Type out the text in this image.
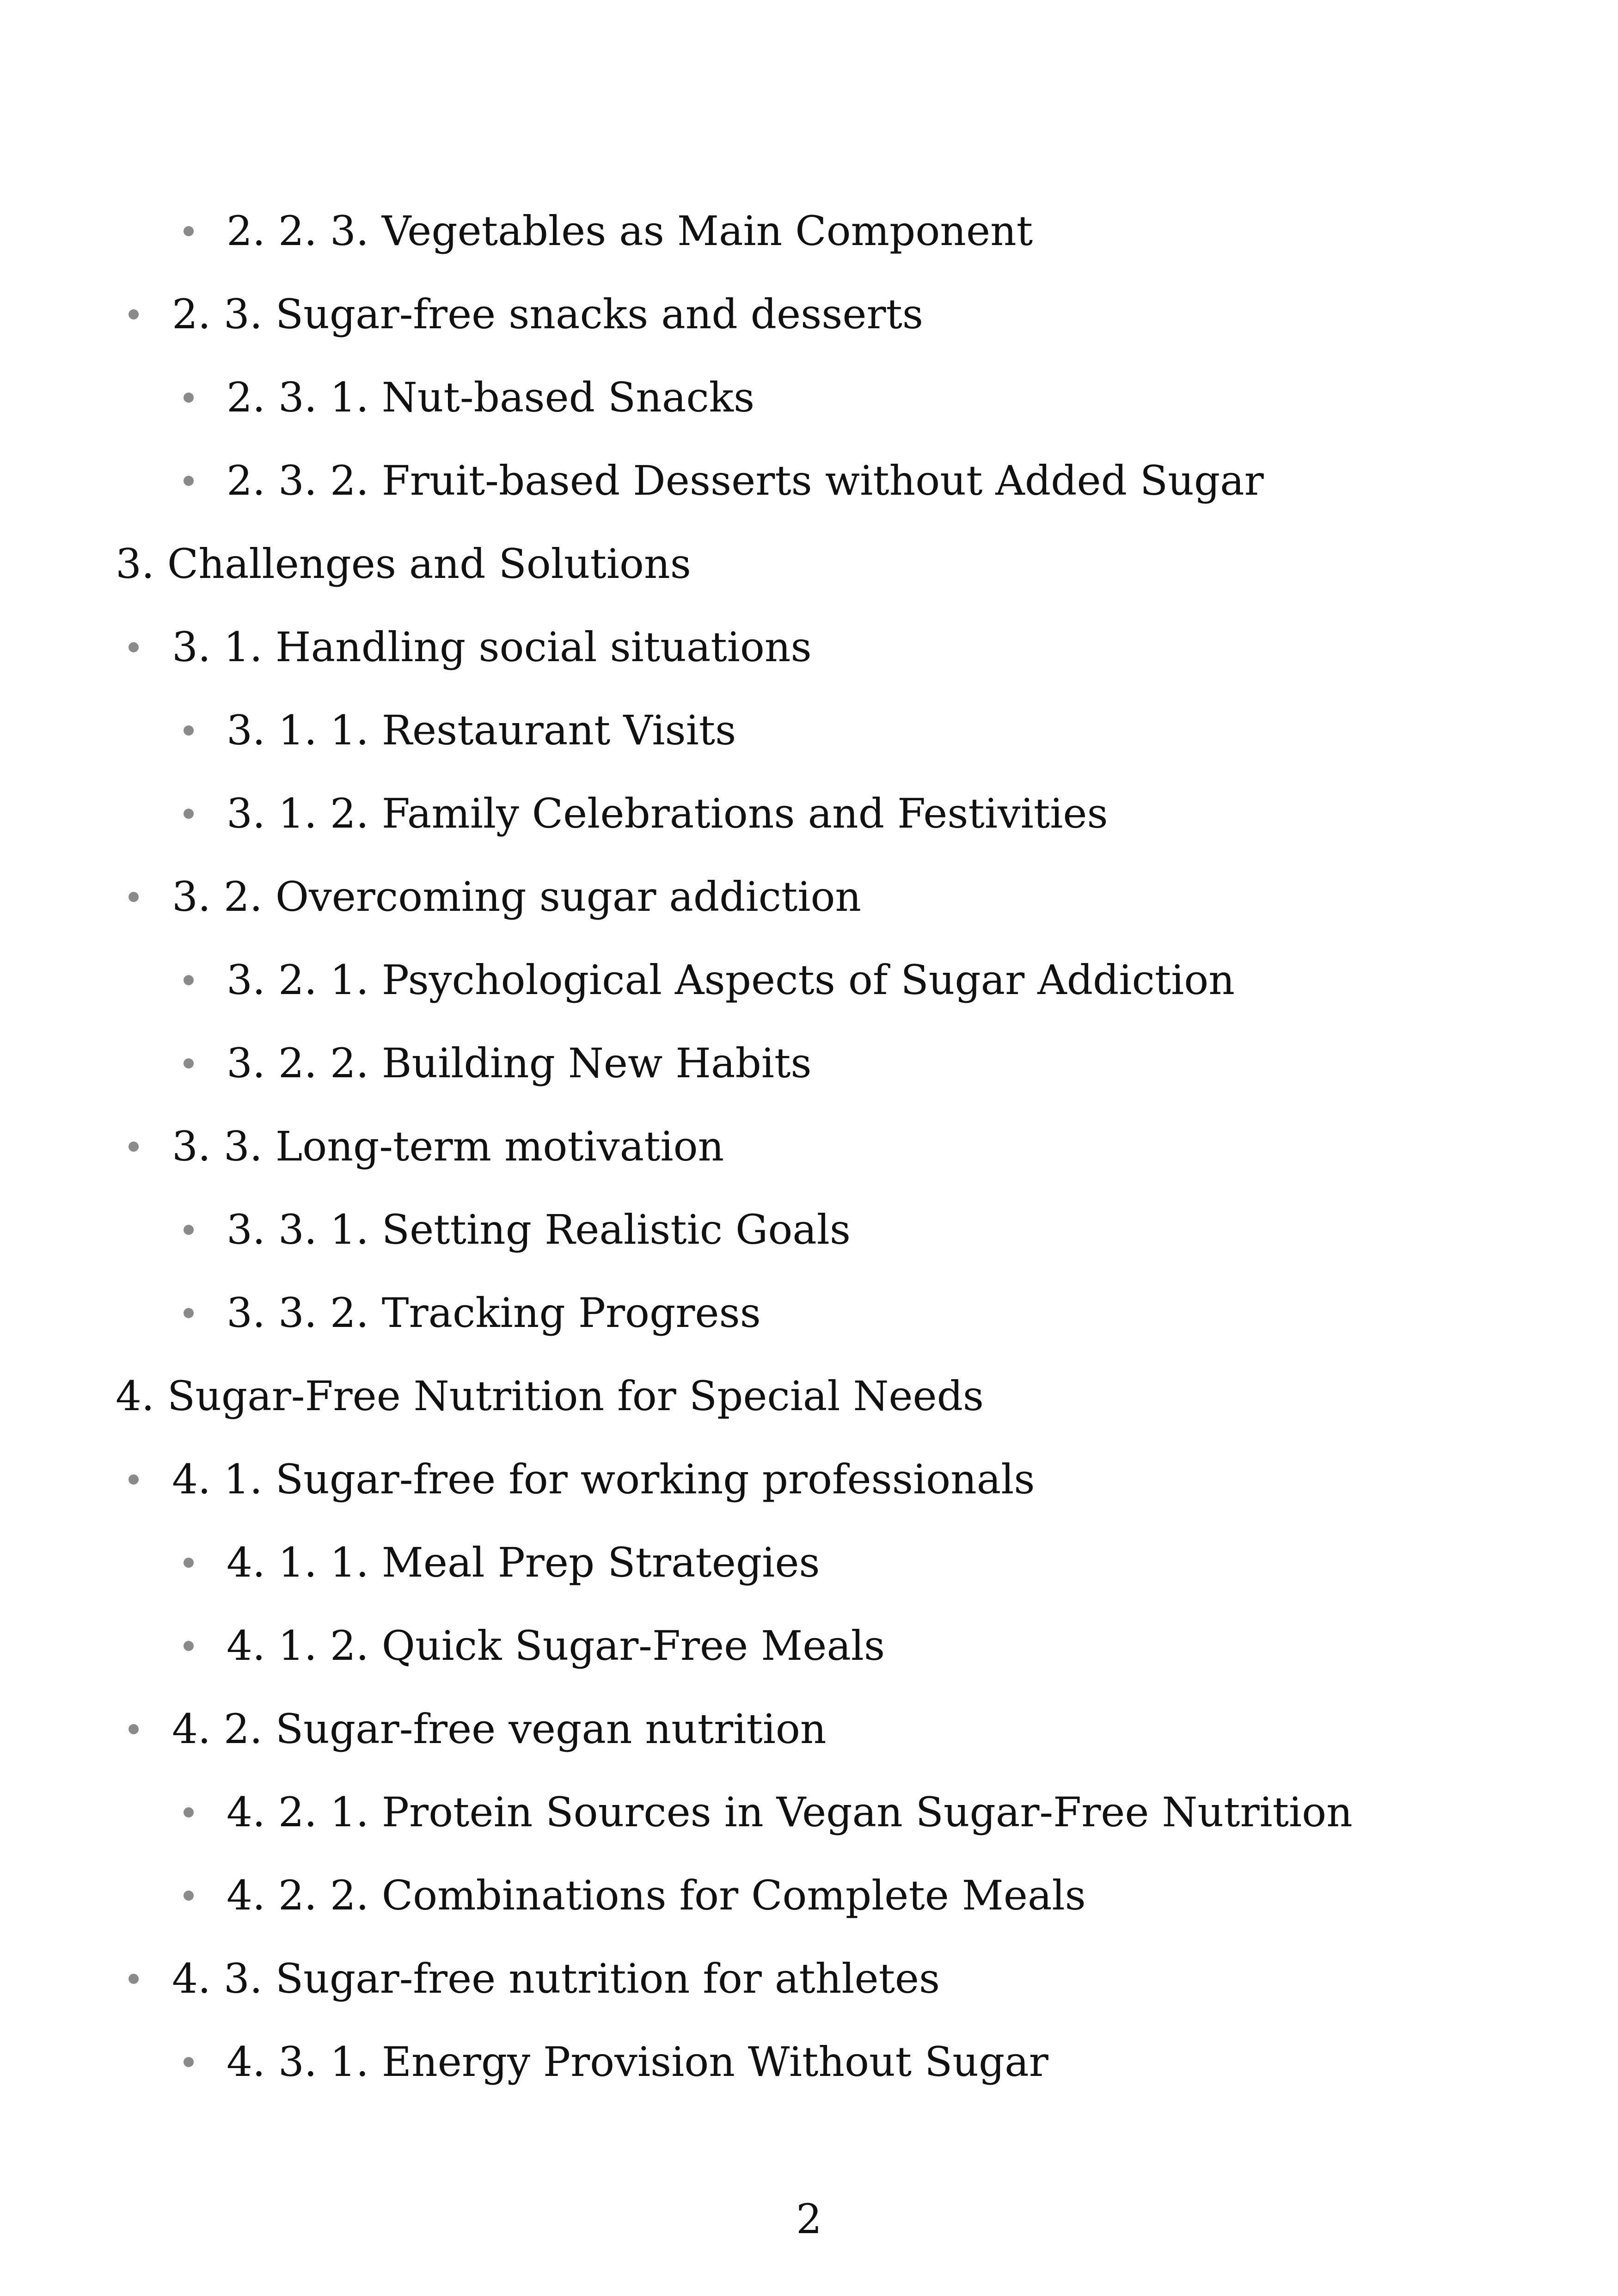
2. 2. 3. Vegetables as Main Component
2. 3. Sugar-free snacks and desserts
2. 3. 1. Nut-based Snacks
2. 3. 2. Fruit-based Desserts without Added Sugar
3. Challenges and Solutions
3. 1. Handling social situations
3. 1. 1. Restaurant Visits
3. 1. 2. Family Celebrations and Festivities
3. 2. Overcoming sugar addiction
3. 2. 1. Psychological Aspects of Sugar Addiction
3. 2. 2. Building New Habits
3. 3. Long-term motivation
3. 3. 1. Setting Realistic Goals
3. 3. 2. Tracking Progress
4. Sugar-Free Nutrition for Special Needs
4. 1. Sugar-free for working professionals
4. 1. 1. Meal Prep Strategies
4. 1. 2. Quick Sugar-Free Meals
4. 2. Sugar-free vegan nutrition
4. 2. 1. Protein Sources in Vegan Sugar-Free Nutrition
4. 2. 2. Combinations for Complete Meals
4. 3. Sugar-free nutrition for athletes
4. 3. 1. Energy Provision Without Sugar
2
